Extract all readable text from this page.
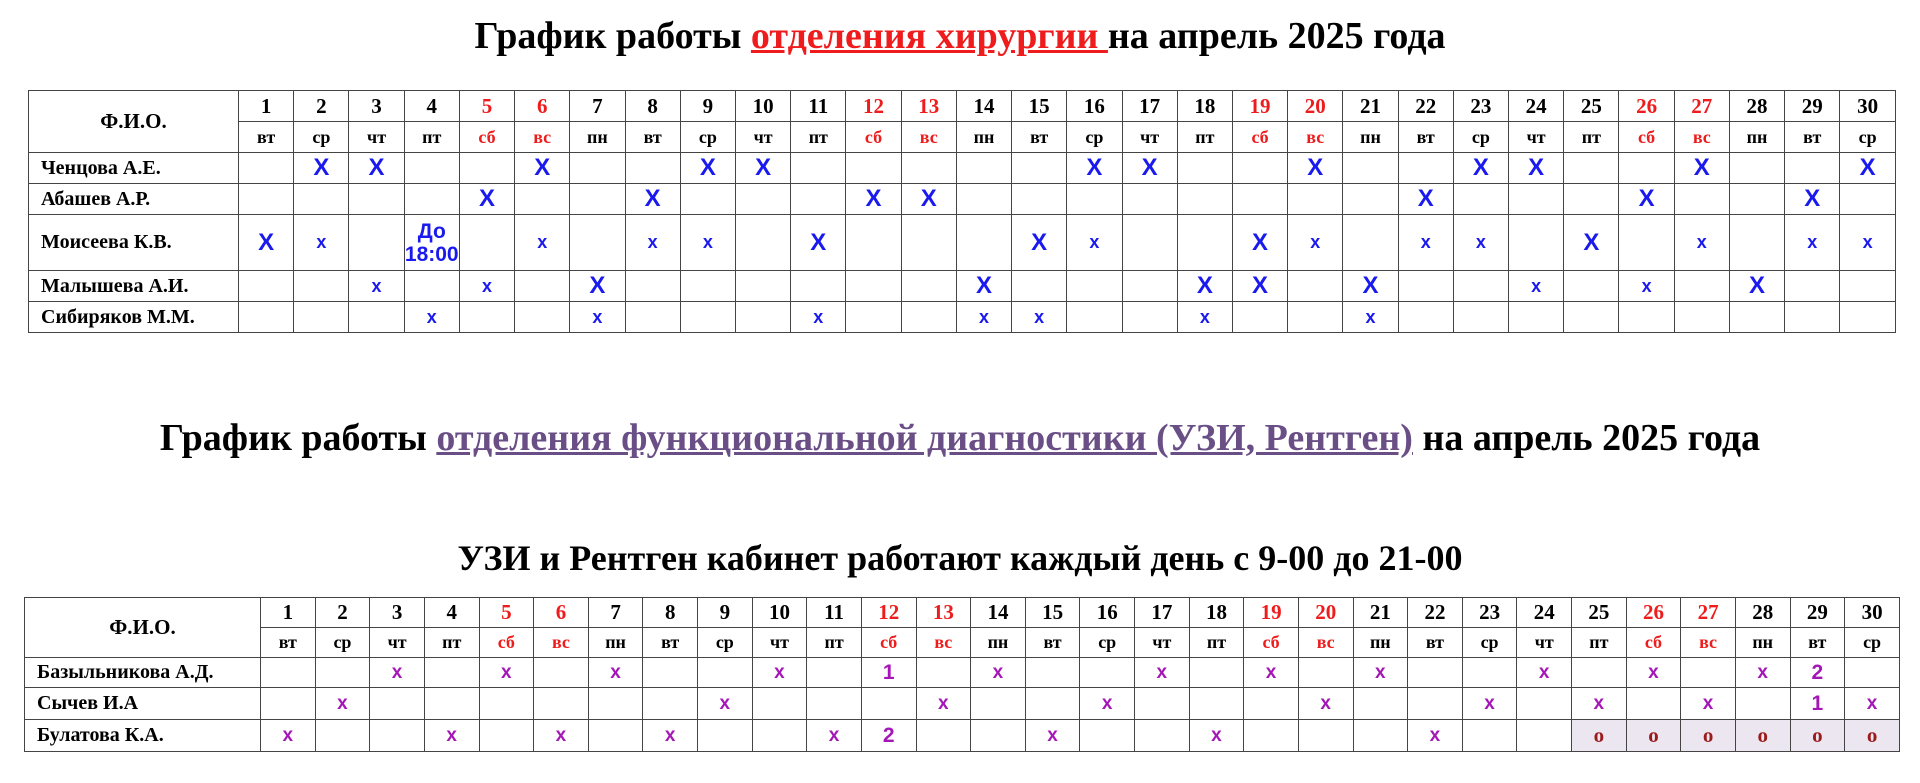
График работы отделения хирургии на апрель 2025 года
Ф.И.О.	1	2	3	4	5	6	7	8	9	10	11	12	13	14	15	16	17	18	19	20	21	22	23	24	25	26	27	28	29	30
	вт	ср	чт	пт	сб	вс	пн	вт	ср	чт	пт	сб	вс	пн	вт	ср	чт	пт	сб	вс	пн	вт	ср	чт	пт	сб	вс	пн	вт	ср
Ченцова А.Е.		X	X			X			X	X						X	X			X			X	X			X			X
Абашев А.Р.					X			X				X	X									X				X			X	
Моисеева К.В.	X	x		До 18:00		x		x	x		X				X	x			X	x		x	x		X		x		x	x
Малышева А.И.			x		x		X							X				X	X		X			x		x		X		
Сибиряков М.М.				x			x				x			x	x			x			x									
График работы отделения функциональной диагностики (УЗИ, Рентген) на апрель 2025 года
УЗИ и Рентген кабинет работают каждый день с 9-00 до 21-00
Ф.И.О.	1	2	3	4	5	6	7	8	9	10	11	12	13	14	15	16	17	18	19	20	21	22	23	24	25	26	27	28	29	30
	вт	ср	чт	пт	сб	вс	пн	вт	ср	чт	пт	сб	вс	пн	вт	ср	чт	пт	сб	вс	пн	вт	ср	чт	пт	сб	вс	пн	вт	ср
Базыльникова А.Д.			x		x		x			x		1		x			x		x		x			x		x		x	2	
Сычев И.А		x							x				x			x				x			x		x		x		1	x
Булатова К.А.	x			x		x		x			x	2			x			x				x			o	o	o	o	o	o
